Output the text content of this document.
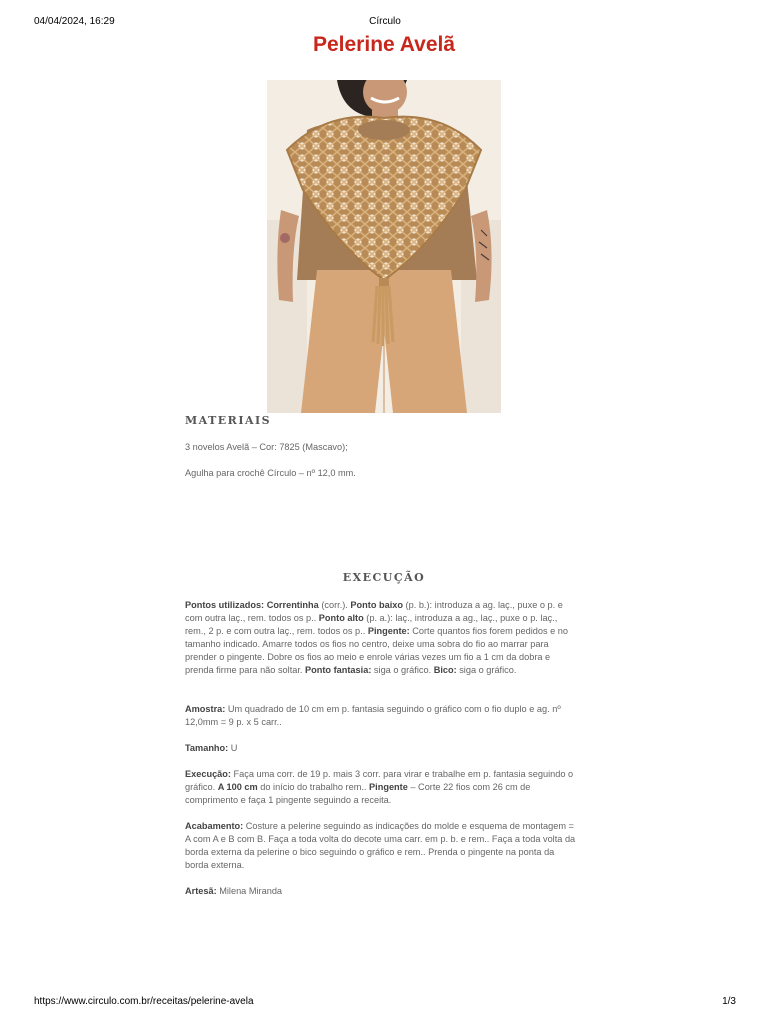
04/04/2024, 16:29	Círculo
Pelerine Avelã
MATERIAIS
3 novelos Avelã – Cor: 7825 (Mascavo);
Agulha para crochê Círculo – nº 12,0 mm.
EXECUÇÃO

Pontos utilizados: Correntinha (corr.). Ponto baixo (p. b.): introduza a ag. laç., puxe o p. e com outra laç., rem. todos os p.. Ponto alto (p. a.): laç., introduza a ag., laç., puxe o p. laç., rem., 2 p. e com outra laç., rem. todos os p.. Pingente: Corte quantos fios forem pedidos e no tamanho indicado. Amarre todos os fios no centro, deixe uma sobra do fio ao marrar para prender o pingente. Dobre os fios ao meio e enrole várias vezes um fio a 1 cm da dobra e prenda firme para não soltar. Ponto fantasia: siga o gráfico. Bico: siga o gráfico.

Amostra: Um quadrado de 10 cm em p. fantasia seguindo o gráfico com o fio duplo e ag. nº 12,0mm = 9 p. x 5 carr..

Tamanho: U

Execução: Faça uma corr. de 19 p. mais 3 corr. para virar e trabalhe em p. fantasia seguindo o gráfico. A 100 cm do início do trabalho rem.. Pingente – Corte 22 fios com 26 cm de comprimento e faça 1 pingente seguindo a receita.

Acabamento: Costure a pelerine seguindo as indicações do molde e esquema de montagem = A com A e B com B. Faça a toda volta do decote uma carr. em p. b. e rem.. Faça a toda volta da borda externa da pelerine o bico seguindo o gráfico e rem.. Prenda o pingente na ponta da borda externa.

Artesã: Milena Miranda

https://www.circulo.com.br/receitas/pelerine-avela	1/3
